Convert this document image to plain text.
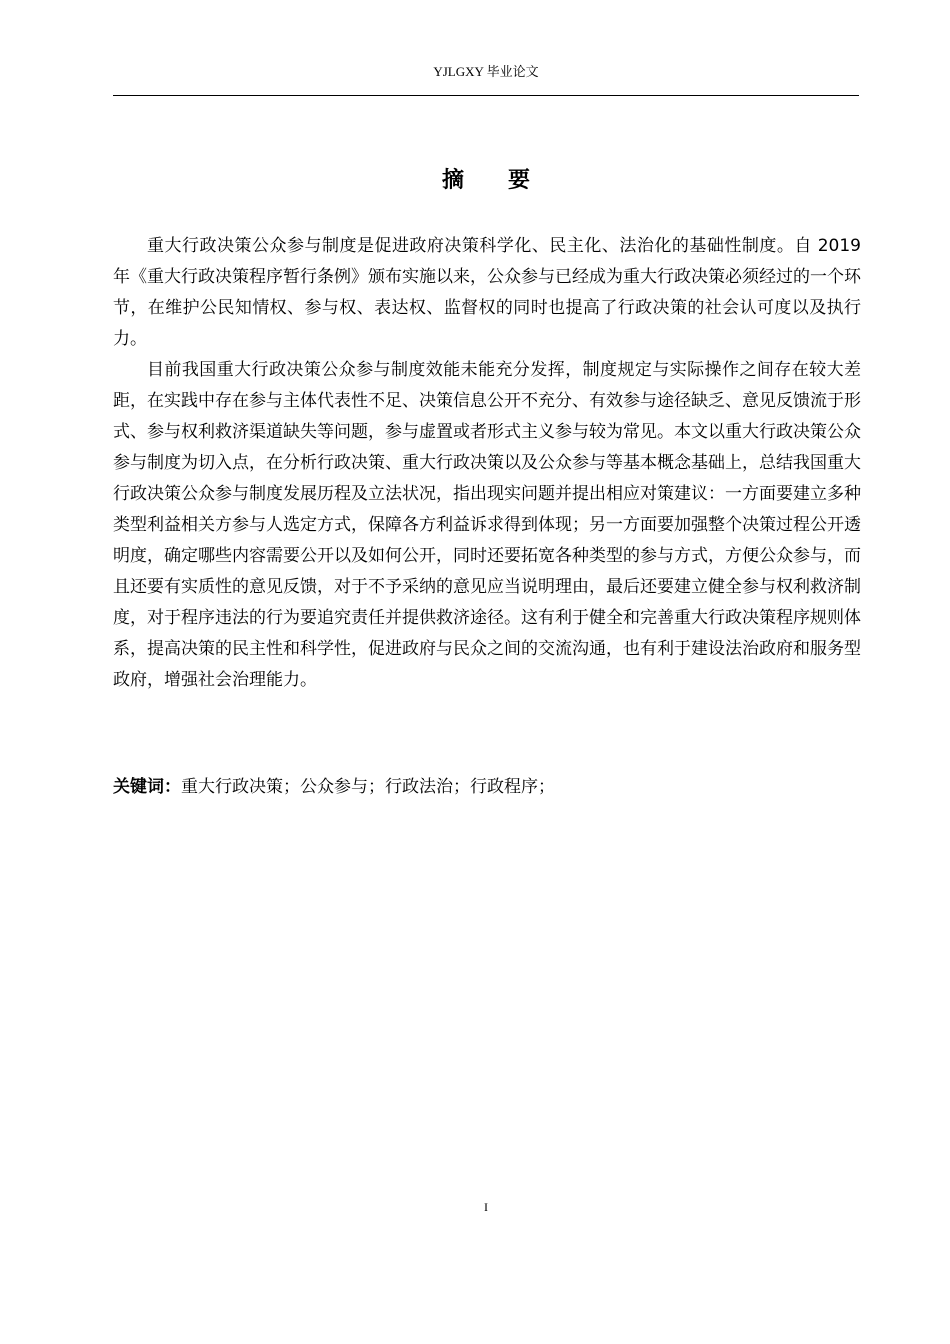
YJLGXY 毕业论文
摘　　要

重大行政决策公众参与制度是促进政府决策科学化、民主化、法治化的基础性制度。自 2019 年《重大行政决策程序暂行条例》颁布实施以来，公众参与已经成为重大行政决策必须经过的一个环节，在维护公民知情权、参与权、表达权、监督权的同时也提高了行政决策的社会认可度以及执行力。

目前我国重大行政决策公众参与制度效能未能充分发挥，制度规定与实际操作之间存在较大差距，在实践中存在参与主体代表性不足、决策信息公开不充分、有效参与途径缺乏、意见反馈流于形式、参与权利救济渠道缺失等问题，参与虚置或者形式主义参与较为常见。本文以重大行政决策公众参与制度为切入点，在分析行政决策、重大行政决策以及公众参与等基本概念基础上，总结我国重大行政决策公众参与制度发展历程及立法状况，指出现实问题并提出相应对策建议：一方面要建立多种类型利益相关方参与人选定方式，保障各方利益诉求得到体现；另一方面要加强整个决策过程公开透明度，确定哪些内容需要公开以及如何公开，同时还要拓宽各种类型的参与方式，方便公众参与，而且还要有实质性的意见反馈，对于不予采纳的意见应当说明理由，最后还要建立健全参与权利救济制度，对于程序违法的行为要追究责任并提供救济途径。这有利于健全和完善重大行政决策程序规则体系，提高决策的民主性和科学性，促进政府与民众之间的交流沟通，也有利于建设法治政府和服务型政府，增强社会治理能力。

关键词：重大行政决策；公众参与；行政法治；行政程序；
I
